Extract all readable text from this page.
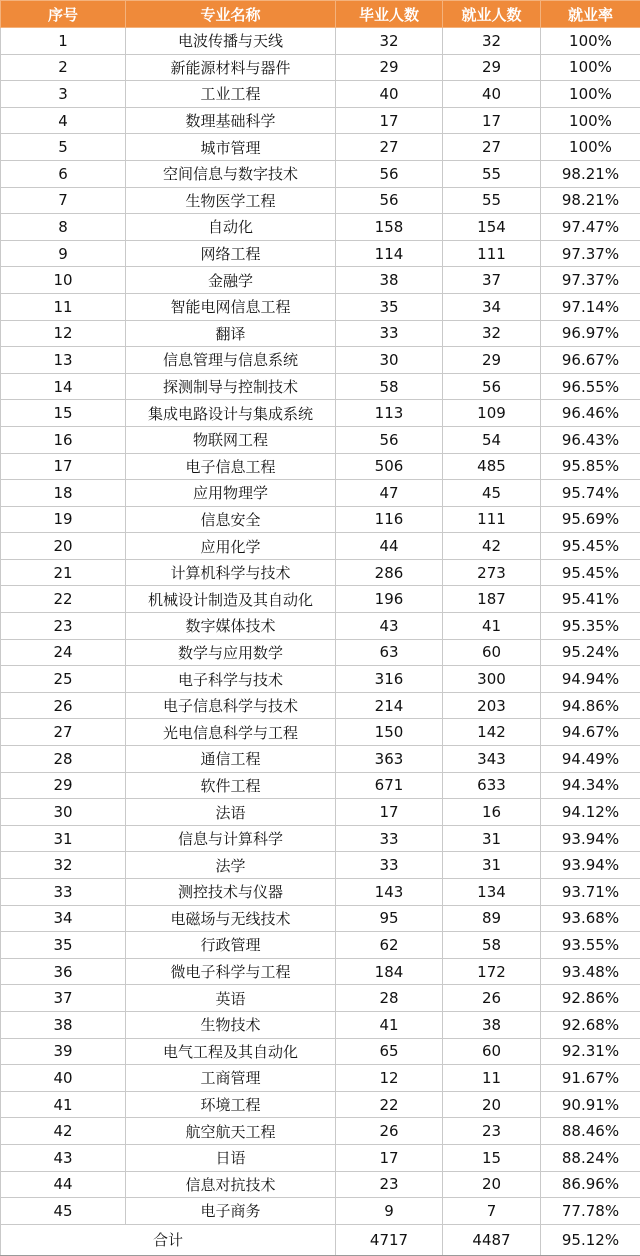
序号	专业名称	毕业人数	就业人数	就业率
1	电波传播与天线	32	32	100%
2	新能源材料与器件	29	29	100%
3	工业工程	40	40	100%
4	数理基础科学	17	17	100%
5	城市管理	27	27	100%
6	空间信息与数字技术	56	55	98.21%
7	生物医学工程	56	55	98.21%
8	自动化	158	154	97.47%
9	网络工程	114	111	97.37%
10	金融学	38	37	97.37%
11	智能电网信息工程	35	34	97.14%
12	翻译	33	32	96.97%
13	信息管理与信息系统	30	29	96.67%
14	探测制导与控制技术	58	56	96.55%
15	集成电路设计与集成系统	113	109	96.46%
16	物联网工程	56	54	96.43%
17	电子信息工程	506	485	95.85%
18	应用物理学	47	45	95.74%
19	信息安全	116	111	95.69%
20	应用化学	44	42	95.45%
21	计算机科学与技术	286	273	95.45%
22	机械设计制造及其自动化	196	187	95.41%
23	数字媒体技术	43	41	95.35%
24	数学与应用数学	63	60	95.24%
25	电子科学与技术	316	300	94.94%
26	电子信息科学与技术	214	203	94.86%
27	光电信息科学与工程	150	142	94.67%
28	通信工程	363	343	94.49%
29	软件工程	671	633	94.34%
30	法语	17	16	94.12%
31	信息与计算科学	33	31	93.94%
32	法学	33	31	93.94%
33	测控技术与仪器	143	134	93.71%
34	电磁场与无线技术	95	89	93.68%
35	行政管理	62	58	93.55%
36	微电子科学与工程	184	172	93.48%
37	英语	28	26	92.86%
38	生物技术	41	38	92.68%
39	电气工程及其自动化	65	60	92.31%
40	工商管理	12	11	91.67%
41	环境工程	22	20	90.91%
42	航空航天工程	26	23	88.46%
43	日语	17	15	88.24%
44	信息对抗技术	23	20	86.96%
45	电子商务	9	7	77.78%
合计		4717	4487	95.12%
